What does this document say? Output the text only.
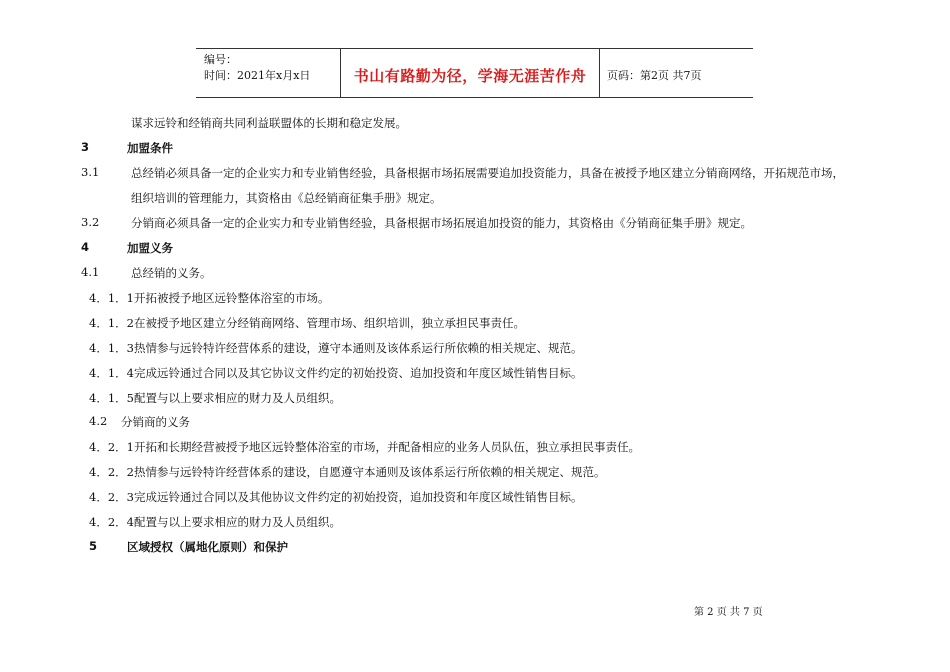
编号：
时间：2021年x月x日	书山有路勤为径，学海无涯苦作舟	页码：第2页 共7页
谋求远铃和经销商共同利益联盟体的长期和稳定发展。
3	加盟条件
3.1	总经销必须具备一定的企业实力和专业销售经验，具备根据市场拓展需要追加投资能力，具备在被授予地区建立分销商网络，开拓规范市场，
组织培训的管理能力，其资格由《总经销商征集手册》规定。
3.2	分销商必须具备一定的企业实力和专业销售经验，具备根据市场拓展追加投资的能力，其资格由《分销商征集手册》规定。
4	加盟义务
4.1	总经销的义务。
4．1．1开拓被授予地区远铃整体浴室的市场。
4．1．2在被授予地区建立分经销商网络、管理市场、组织培训，独立承担民事责任。
4．1．3热情参与远铃特许经营体系的建设，遵守本通则及该体系运行所依赖的相关规定、规范。
4．1．4完成远铃通过合同以及其它协议文件约定的初始投资、追加投资和年度区域性销售目标。
4．1．5配置与以上要求相应的财力及人员组织。
4.2 分销商的义务
4．2．1开拓和长期经营被授予地区远铃整体浴室的市场，并配备相应的业务人员队伍，独立承担民事责任。
4．2．2热情参与远铃特许经营体系的建设，自愿遵守本通则及该体系运行所依赖的相关规定、规范。
4．2．3完成远铃通过合同以及其他协议文件约定的初始投资，追加投资和年度区域性销售目标。
4．2．4配置与以上要求相应的财力及人员组织。
5	区域授权（属地化原则）和保护
第 2 页 共 7 页
